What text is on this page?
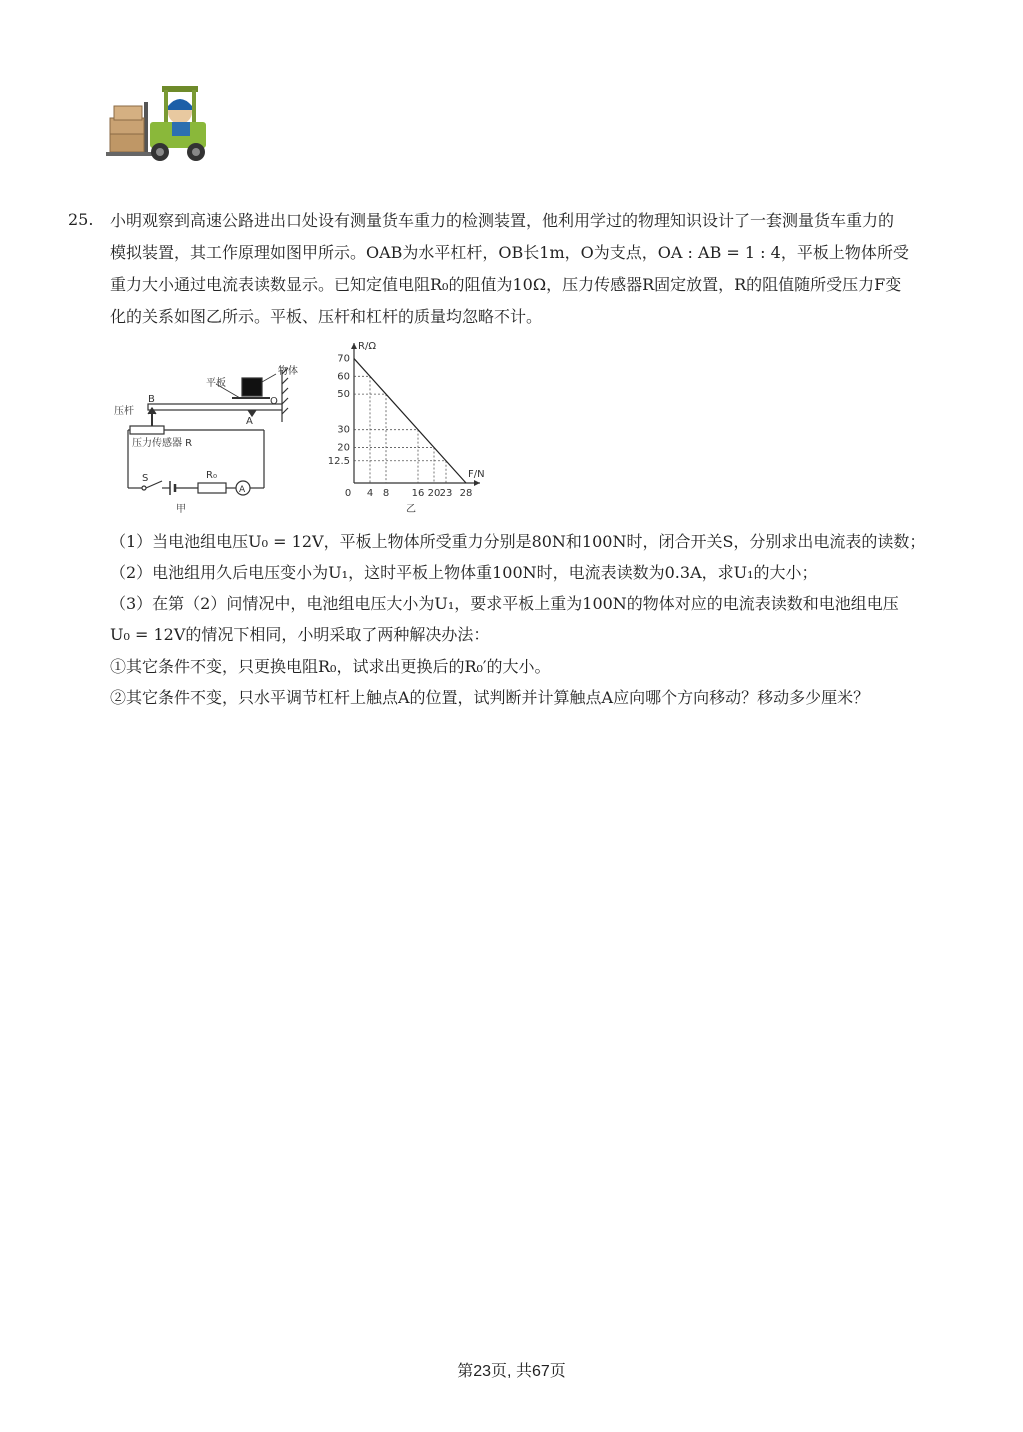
25. 小明观察到高速公路进出口处设有测量货车重力的检测装置，他利用学过的物理知识设计了一套测量货车重力的

模拟装置，其工作原理如图甲所示。OAB为水平杠杆，OB长1m，O为支点，OA : AB = 1 : 4，平板上物体所受

重力大小通过电流表读数显示。已知定值电阻R₀的阻值为10Ω，压力传感器R固定放置，R的阻值随所受压力F变

化的关系如图乙所示。平板、压杆和杠杆的质量均忽略不计。

平板
物体
压杆
压力传感器 R
S	R₀
A
B
A
O
甲
70
60
50
30
20
12.5
0 4 8 16 20 23 28
R/Ω
F/N
乙
（1）当电池组电压U₀ = 12V，平板上物体所受重力分别是80N和100N时，闭合开关S，分别求出电流表的读数；
（2）电池组用久后电压变小为U₁，这时平板上物体重100N时，电流表读数为0.3A，求U₁的大小；
（3）在第（2）问情况中，电池组电压大小为U₁，要求平板上重为100N的物体对应的电流表读数和电池组电压
U₀ = 12V的情况下相同，小明采取了两种解决办法：
①其它条件不变，只更换电阻R₀，试求出更换后的R₀′的大小。
②其它条件不变，只水平调节杠杆上触点A的位置，试判断并计算触点A应向哪个方向移动？移动多少厘米？
第23页, 共67页
